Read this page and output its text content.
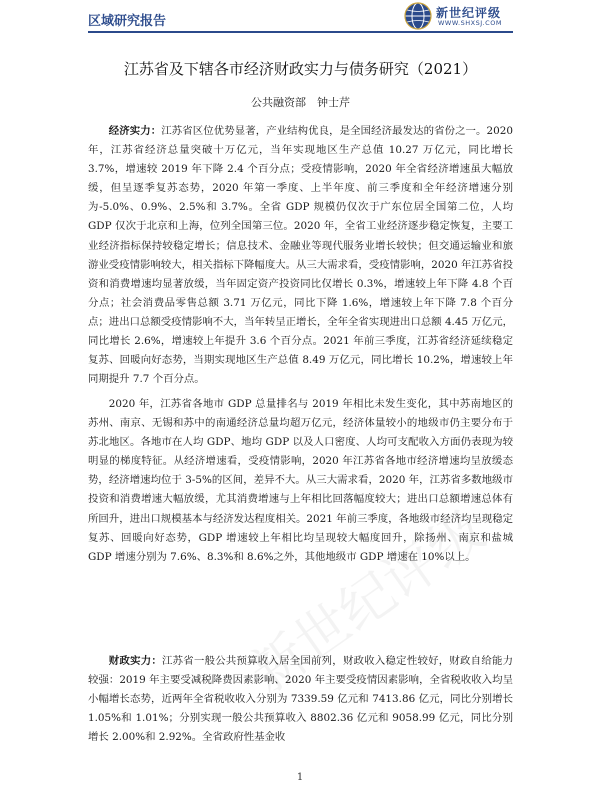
区域研究报告
新世纪评级
WWW.SHXSJ.COM
江苏省及下辖各市经济财政实力与债务研究（2021）
公共融资部　钟士芹

经济实力：江苏省区位优势显著，产业结构优良，是全国经济最发达的省份之一。2020 年，江苏省经济总量突破十万亿元，当年实现地区生产总值 10.27 万亿元，同比增长 3.7%，增速较 2019 年下降 2.4 个百分点；受疫情影响，2020 年全省经济增速虽大幅放缓，但呈逐季复苏态势，2020 年第一季度、上半年度、前三季度和全年经济增速分别为-5.0%、0.9%、2.5%和 3.7%。全省 GDP 规模仍仅次于广东位居全国第二位，人均 GDP 仅次于北京和上海，位列全国第三位。2020 年，全省工业经济逐步稳定恢复，主要工业经济指标保持较稳定增长；信息技术、金融业等现代服务业增长较快；但交通运输业和旅游业受疫情影响较大，相关指标下降幅度大。从三大需求看，受疫情影响，2020 年江苏省投资和消费增速均显著放缓，当年固定资产投资同比仅增长 0.3%，增速较上年下降 4.8 个百分点；社会消费品零售总额 3.71 万亿元，同比下降 1.6%，增速较上年下降 7.8 个百分点；进出口总额受疫情影响不大，当年转呈正增长，全年全省实现进出口总额 4.45 万亿元，同比增长 2.6%，增速较上年提升 3.6 个百分点。2021 年前三季度，江苏省经济延续稳定复苏、回暖向好态势，当期实现地区生产总值 8.49 万亿元，同比增长 10.2%，增速较上年同期提升 7.7 个百分点。

2020 年，江苏省各地市 GDP 总量排名与 2019 年相比未发生变化，其中苏南地区的苏州、南京、无锡和苏中的南通经济总量均超万亿元，经济体量较小的地级市仍主要分布于苏北地区。各地市在人均 GDP、地均 GDP 以及人口密度、人均可支配收入方面仍表现为较明显的梯度特征。从经济增速看，受疫情影响，2020 年江苏省各地市经济增速均呈放缓态势，经济增速均位于 3-5%的区间，差异不大。从三大需求看，2020 年，江苏省多数地级市投资和消费增速大幅放缓，尤其消费增速与上年相比回落幅度较大；进出口总额增速总体有所回升，进出口规模基本与经济发达程度相关。2021 年前三季度，各地级市经济均呈现稳定复苏、回暖向好态势，GDP 增速较上年相比均呈现较大幅度回升，除扬州、南京和盐城 GDP 增速分别为 7.6%、8.3%和 8.6%之外，其他地级市 GDP 增速在 10%以上。

财政实力：江苏省一般公共预算收入居全国前列，财政收入稳定性较好，财政自给能力较强：2019 年主要受减税降费因素影响、2020 年主要受疫情因素影响，全省税收收入均呈小幅增长态势，近两年全省税收收入分别为 7339.59 亿元和 7413.86 亿元，同比分别增长 1.05%和 1.01%；分别实现一般公共预算收入 8802.36 亿元和 9058.99 亿元，同比分别增长 2.00%和 2.92%。全省政府性基金收

1
